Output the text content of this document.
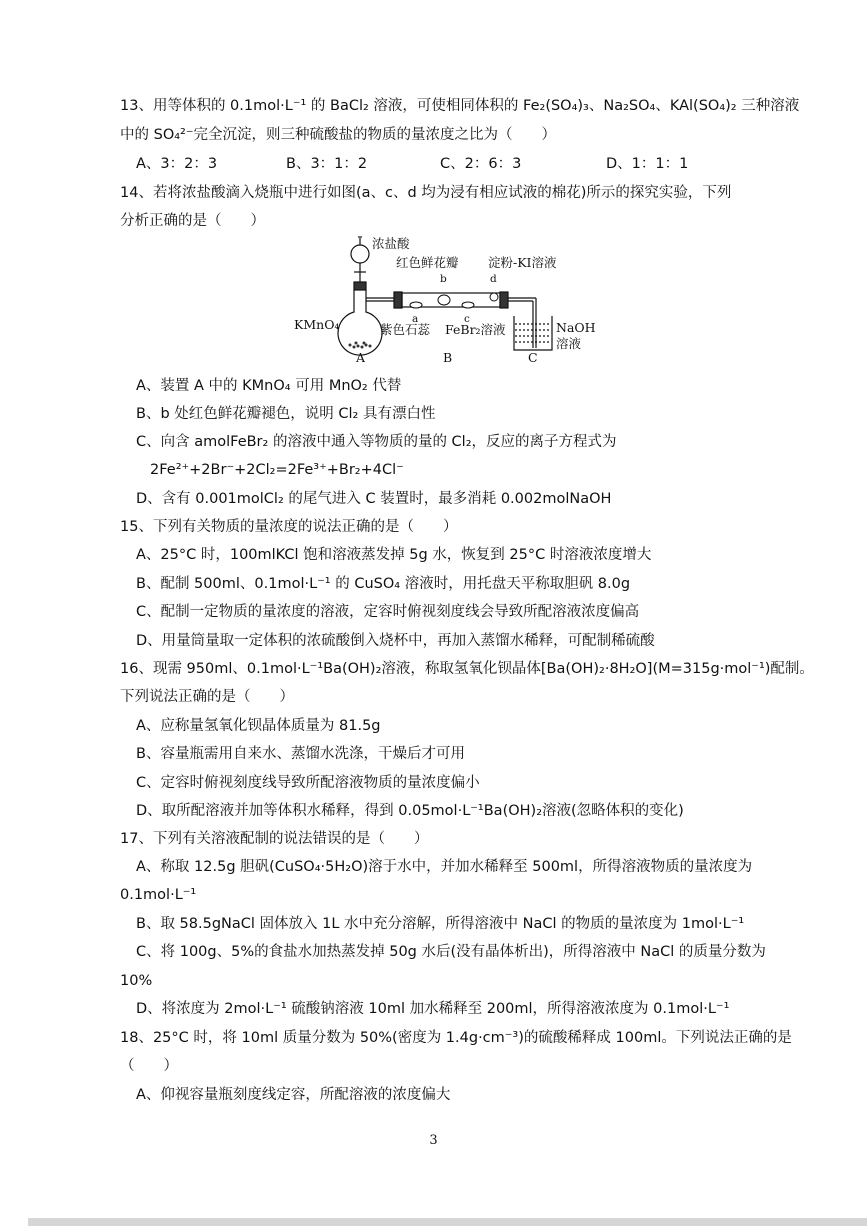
13、用等体积的 0.1mol·L⁻¹ 的 BaCl₂ 溶液，可使相同体积的 Fe₂(SO₄)₃、Na₂SO₄、KAl(SO₄)₂ 三种溶液
中的 SO₄²⁻完全沉淀，则三种硫酸盐的物质的量浓度之比为（　　）
A、3：2：3	B、3：1：2	C、2：6：3	D、1：1：1
14、若将浓盐酸滴入烧瓶中进行如图(a、c、d 均为浸有相应试液的棉花)所示的探究实验，下列
分析正确的是（　　）
浓盐酸
红色鲜花瓣 淀粉-KI溶液
b	d
a	c
KMnO₄	紫色石蕊 FeBr₂溶液	NaOH
溶液
A	B	C
A、装置 A 中的 KMnO₄ 可用 MnO₂ 代替
B、b 处红色鲜花瓣褪色，说明 Cl₂ 具有漂白性
C、向含 amolFeBr₂ 的溶液中通入等物质的量的 Cl₂，反应的离子方程式为
2Fe²⁺+2Br⁻+2Cl₂=2Fe³⁺+Br₂+4Cl⁻
D、含有 0.001molCl₂ 的尾气进入 C 装置时，最多消耗 0.002molNaOH
15、下列有关物质的量浓度的说法正确的是（　　）
A、25°C 时，100mlKCl 饱和溶液蒸发掉 5g 水，恢复到 25°C 时溶液浓度增大
B、配制 500ml、0.1mol·L⁻¹ 的 CuSO₄ 溶液时，用托盘天平称取胆矾 8.0g
C、配制一定物质的量浓度的溶液，定容时俯视刻度线会导致所配溶液浓度偏高
D、用量筒量取一定体积的浓硫酸倒入烧杯中，再加入蒸馏水稀释，可配制稀硫酸
16、现需 950ml、0.1mol·L⁻¹Ba(OH)₂溶液，称取氢氧化钡晶体[Ba(OH)₂·8H₂O](M=315g·mol⁻¹)配制。
下列说法正确的是（　　）
A、应称量氢氧化钡晶体质量为 81.5g
B、容量瓶需用自来水、蒸馏水洗涤，干燥后才可用
C、定容时俯视刻度线导致所配溶液物质的量浓度偏小
D、取所配溶液并加等体积水稀释，得到 0.05mol·L⁻¹Ba(OH)₂溶液(忽略体积的变化)
17、下列有关溶液配制的说法错误的是（　　）
A、称取 12.5g 胆矾(CuSO₄·5H₂O)溶于水中，并加水稀释至 500ml，所得溶液物质的量浓度为
0.1mol·L⁻¹
B、取 58.5gNaCl 固体放入 1L 水中充分溶解，所得溶液中 NaCl 的物质的量浓度为 1mol·L⁻¹
C、将 100g、5%的食盐水加热蒸发掉 50g 水后(没有晶体析出)，所得溶液中 NaCl 的质量分数为
10%
D、将浓度为 2mol·L⁻¹ 硫酸钠溶液 10ml 加水稀释至 200ml，所得溶液浓度为 0.1mol·L⁻¹
18、25°C 时，将 10ml 质量分数为 50%(密度为 1.4g·cm⁻³)的硫酸稀释成 100ml。下列说法正确的是
（　　）
A、仰视容量瓶刻度线定容，所配溶液的浓度偏大
3
